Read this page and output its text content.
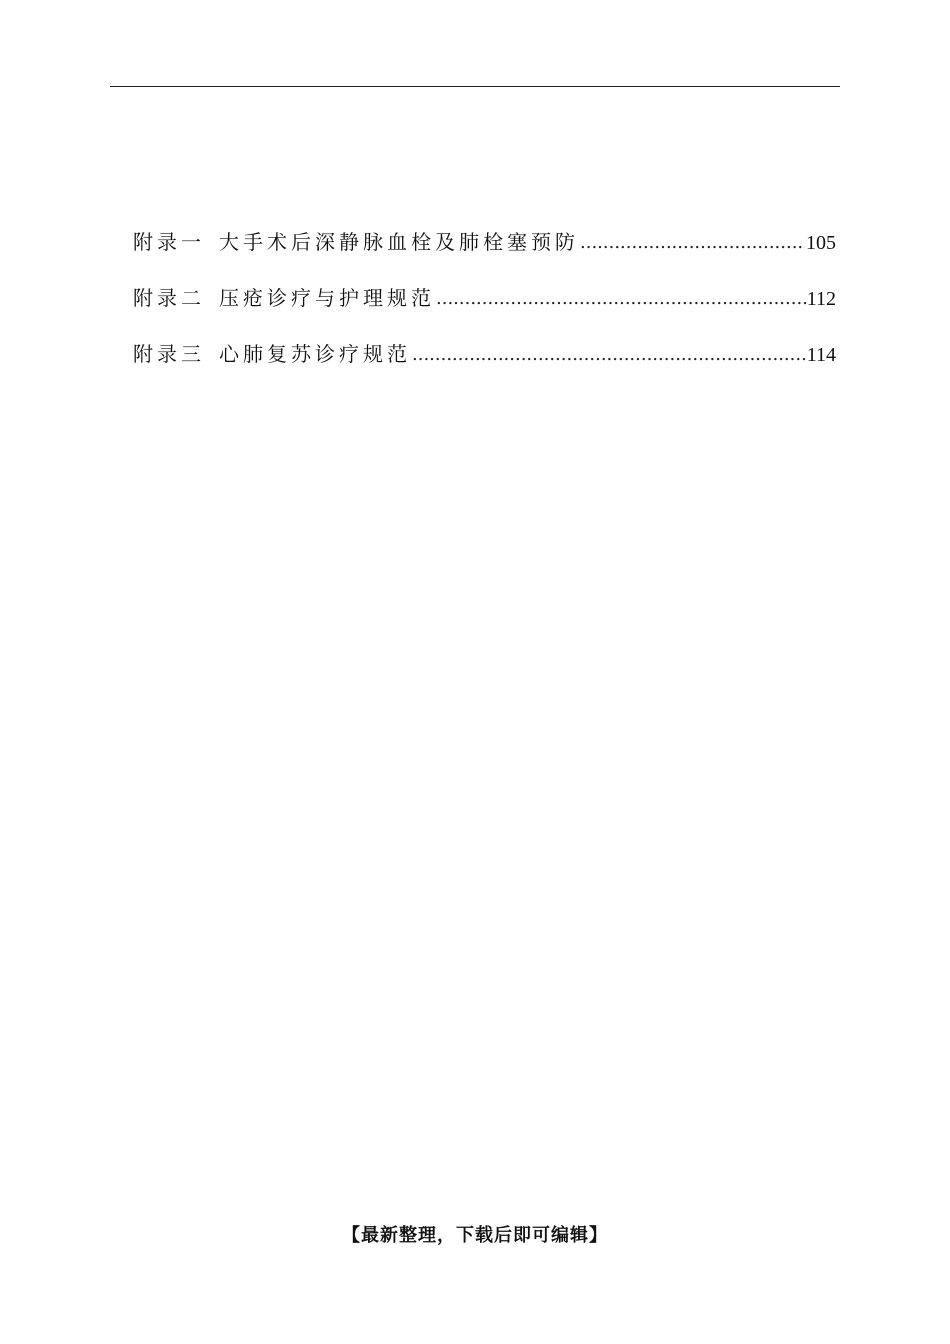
附录一 大手术后深静脉血栓及肺栓塞预防 .....	105
附录二 压疮诊疗与护理规范 .....	112
附录三 心肺复苏诊疗规范 .....	114
【最新整理，下载后即可编辑】
